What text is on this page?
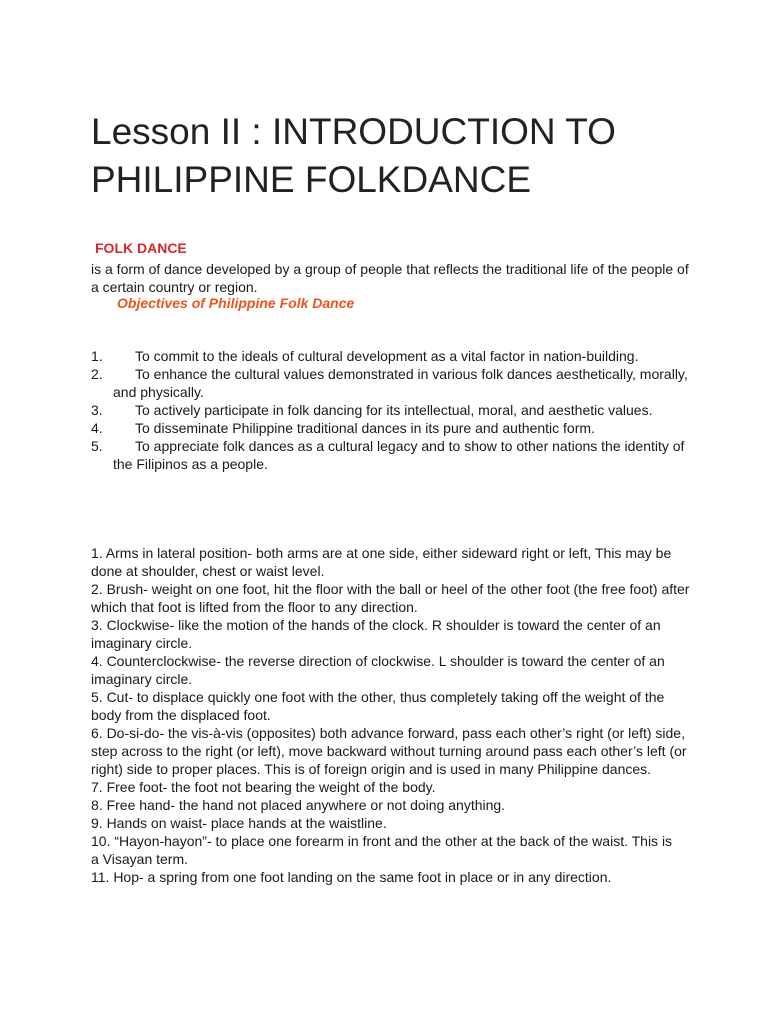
Lesson II : INTRODUCTION TO
PHILIPPINE FOLKDANCE
FOLK DANCE

is a form of dance developed by a group of people that reflects the traditional life of the people of a certain country or region.

Objectives of Philippine Folk Dance
1. To commit to the ideals of cultural development as a vital factor in nation-building.
2. To enhance the cultural values demonstrated in various folk dances aesthetically, morally, and physically.
3. To actively participate in folk dancing for its intellectual, moral, and aesthetic values.
4. To disseminate Philippine traditional dances in its pure and authentic form.
5. To appreciate folk dances as a cultural legacy and to show to other nations the identity of the Filipinos as a people.
1. Arms in lateral position- both arms are at one side, either sideward right or left, This may be done at shoulder, chest or waist level.
2. Brush- weight on one foot, hit the floor with the ball or heel of the other foot (the free foot) after which that foot is lifted from the floor to any direction.
3. Clockwise- like the motion of the hands of the clock. R shoulder is toward the center of an imaginary circle.
4. Counterclockwise- the reverse direction of clockwise. L shoulder is toward the center of an imaginary circle.
5. Cut- to displace quickly one foot with the other, thus completely taking off the weight of the body from the displaced foot.
6. Do-si-do- the vis-à-vis (opposites) both advance forward, pass each other’s right (or left) side, step across to the right (or left), move backward without turning around pass each other’s left (or right) side to proper places. This is of foreign origin and is used in many Philippine dances.
7. Free foot- the foot not bearing the weight of the body.
8. Free hand- the hand not placed anywhere or not doing anything.
9. Hands on waist- place hands at the waistline.
10. “Hayon-hayon”- to place one forearm in front and the other at the back of the waist. This is
a Visayan term.
11. Hop- a spring from one foot landing on the same foot in place or in any direction.
